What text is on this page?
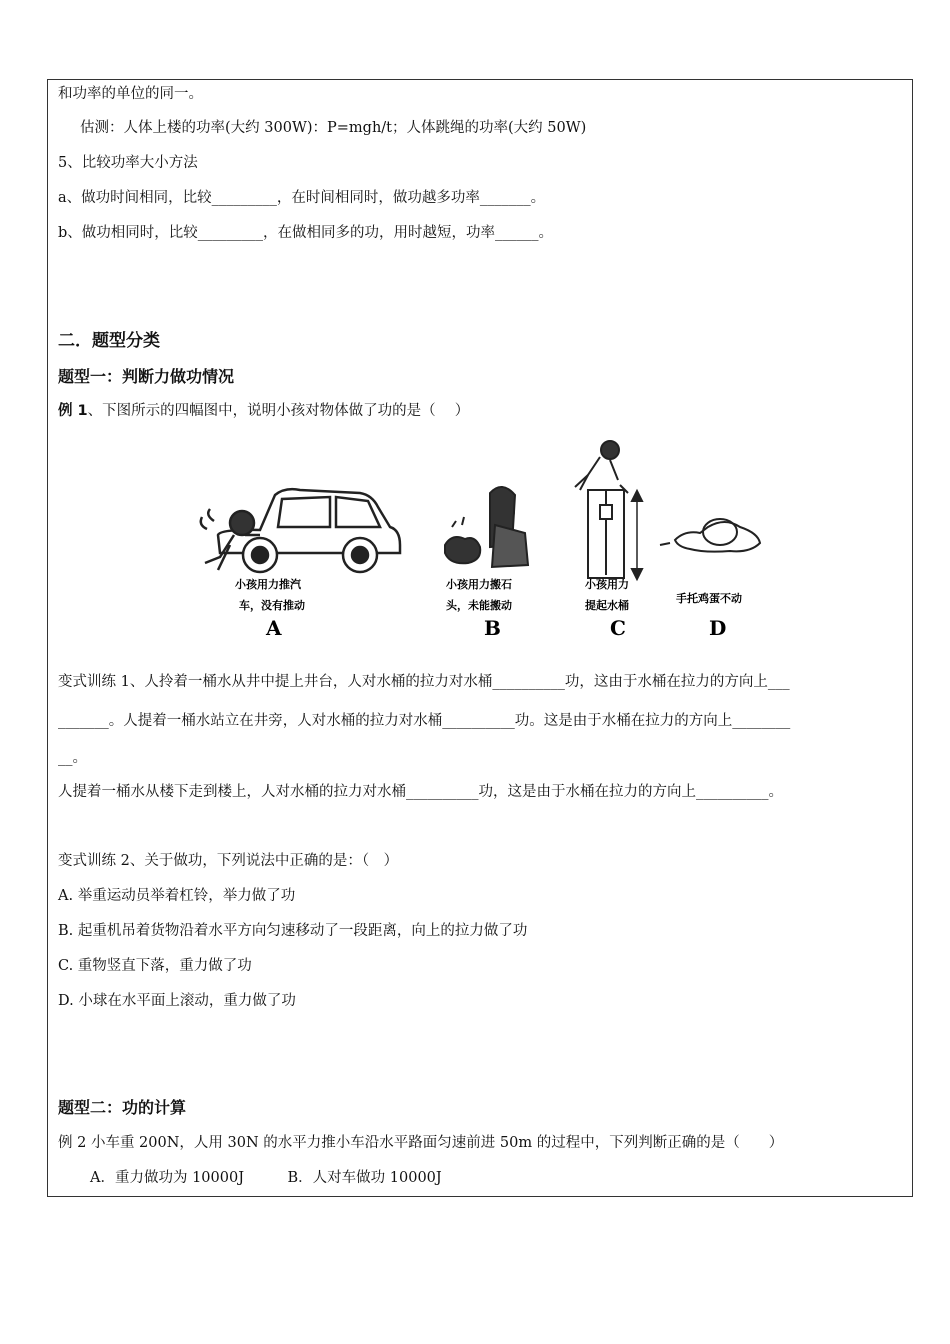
和功率的单位的同一。
估测：人体上楼的功率(大约 300W)：P=mgh/t；人体跳绳的功率(大约 50W)
5、比较功率大小方法
a、做功时间相同，比较_________，在时间相同时，做功越多功率_______。
b、做功相同时，比较_________，在做相同多的功，用时越短，功率______。
二．题型分类
题型一：判断力做功情况
例 1、下图所示的四幅图中，说明小孩对物体做了功的是（　 ）
小孩用力推汽
车，没有推动
A
小孩用力搬石
头，未能搬动
B
小孩用力
提起水桶
C
手托鸡蛋不动
D
变式训练 1、人拎着一桶水从井中提上井台，人对水桶的拉力对水桶__________功，这由于水桶在拉力的方向上___
_______。人提着一桶水站立在井旁，人对水桶的拉力对水桶__________功。这是由于水桶在拉力的方向上________
__。
人提着一桶水从楼下走到楼上，人对水桶的拉力对水桶__________功，这是由于水桶在拉力的方向上__________。
变式训练 2、关于做功，下列说法中正确的是：（　）
A. 举重运动员举着杠铃，举力做了功
B. 起重机吊着货物沿着水平方向匀速移动了一段距离，向上的拉力做了功
C. 重物竖直下落，重力做了功
D. 小球在水平面上滚动，重力做了功
题型二：功的计算
例 2 小车重 200N，人用 30N 的水平力推小车沿水平路面匀速前进 50m 的过程中，下列判断正确的是（　　）
A．重力做功为 10000J　　　B．人对车做功 10000J
